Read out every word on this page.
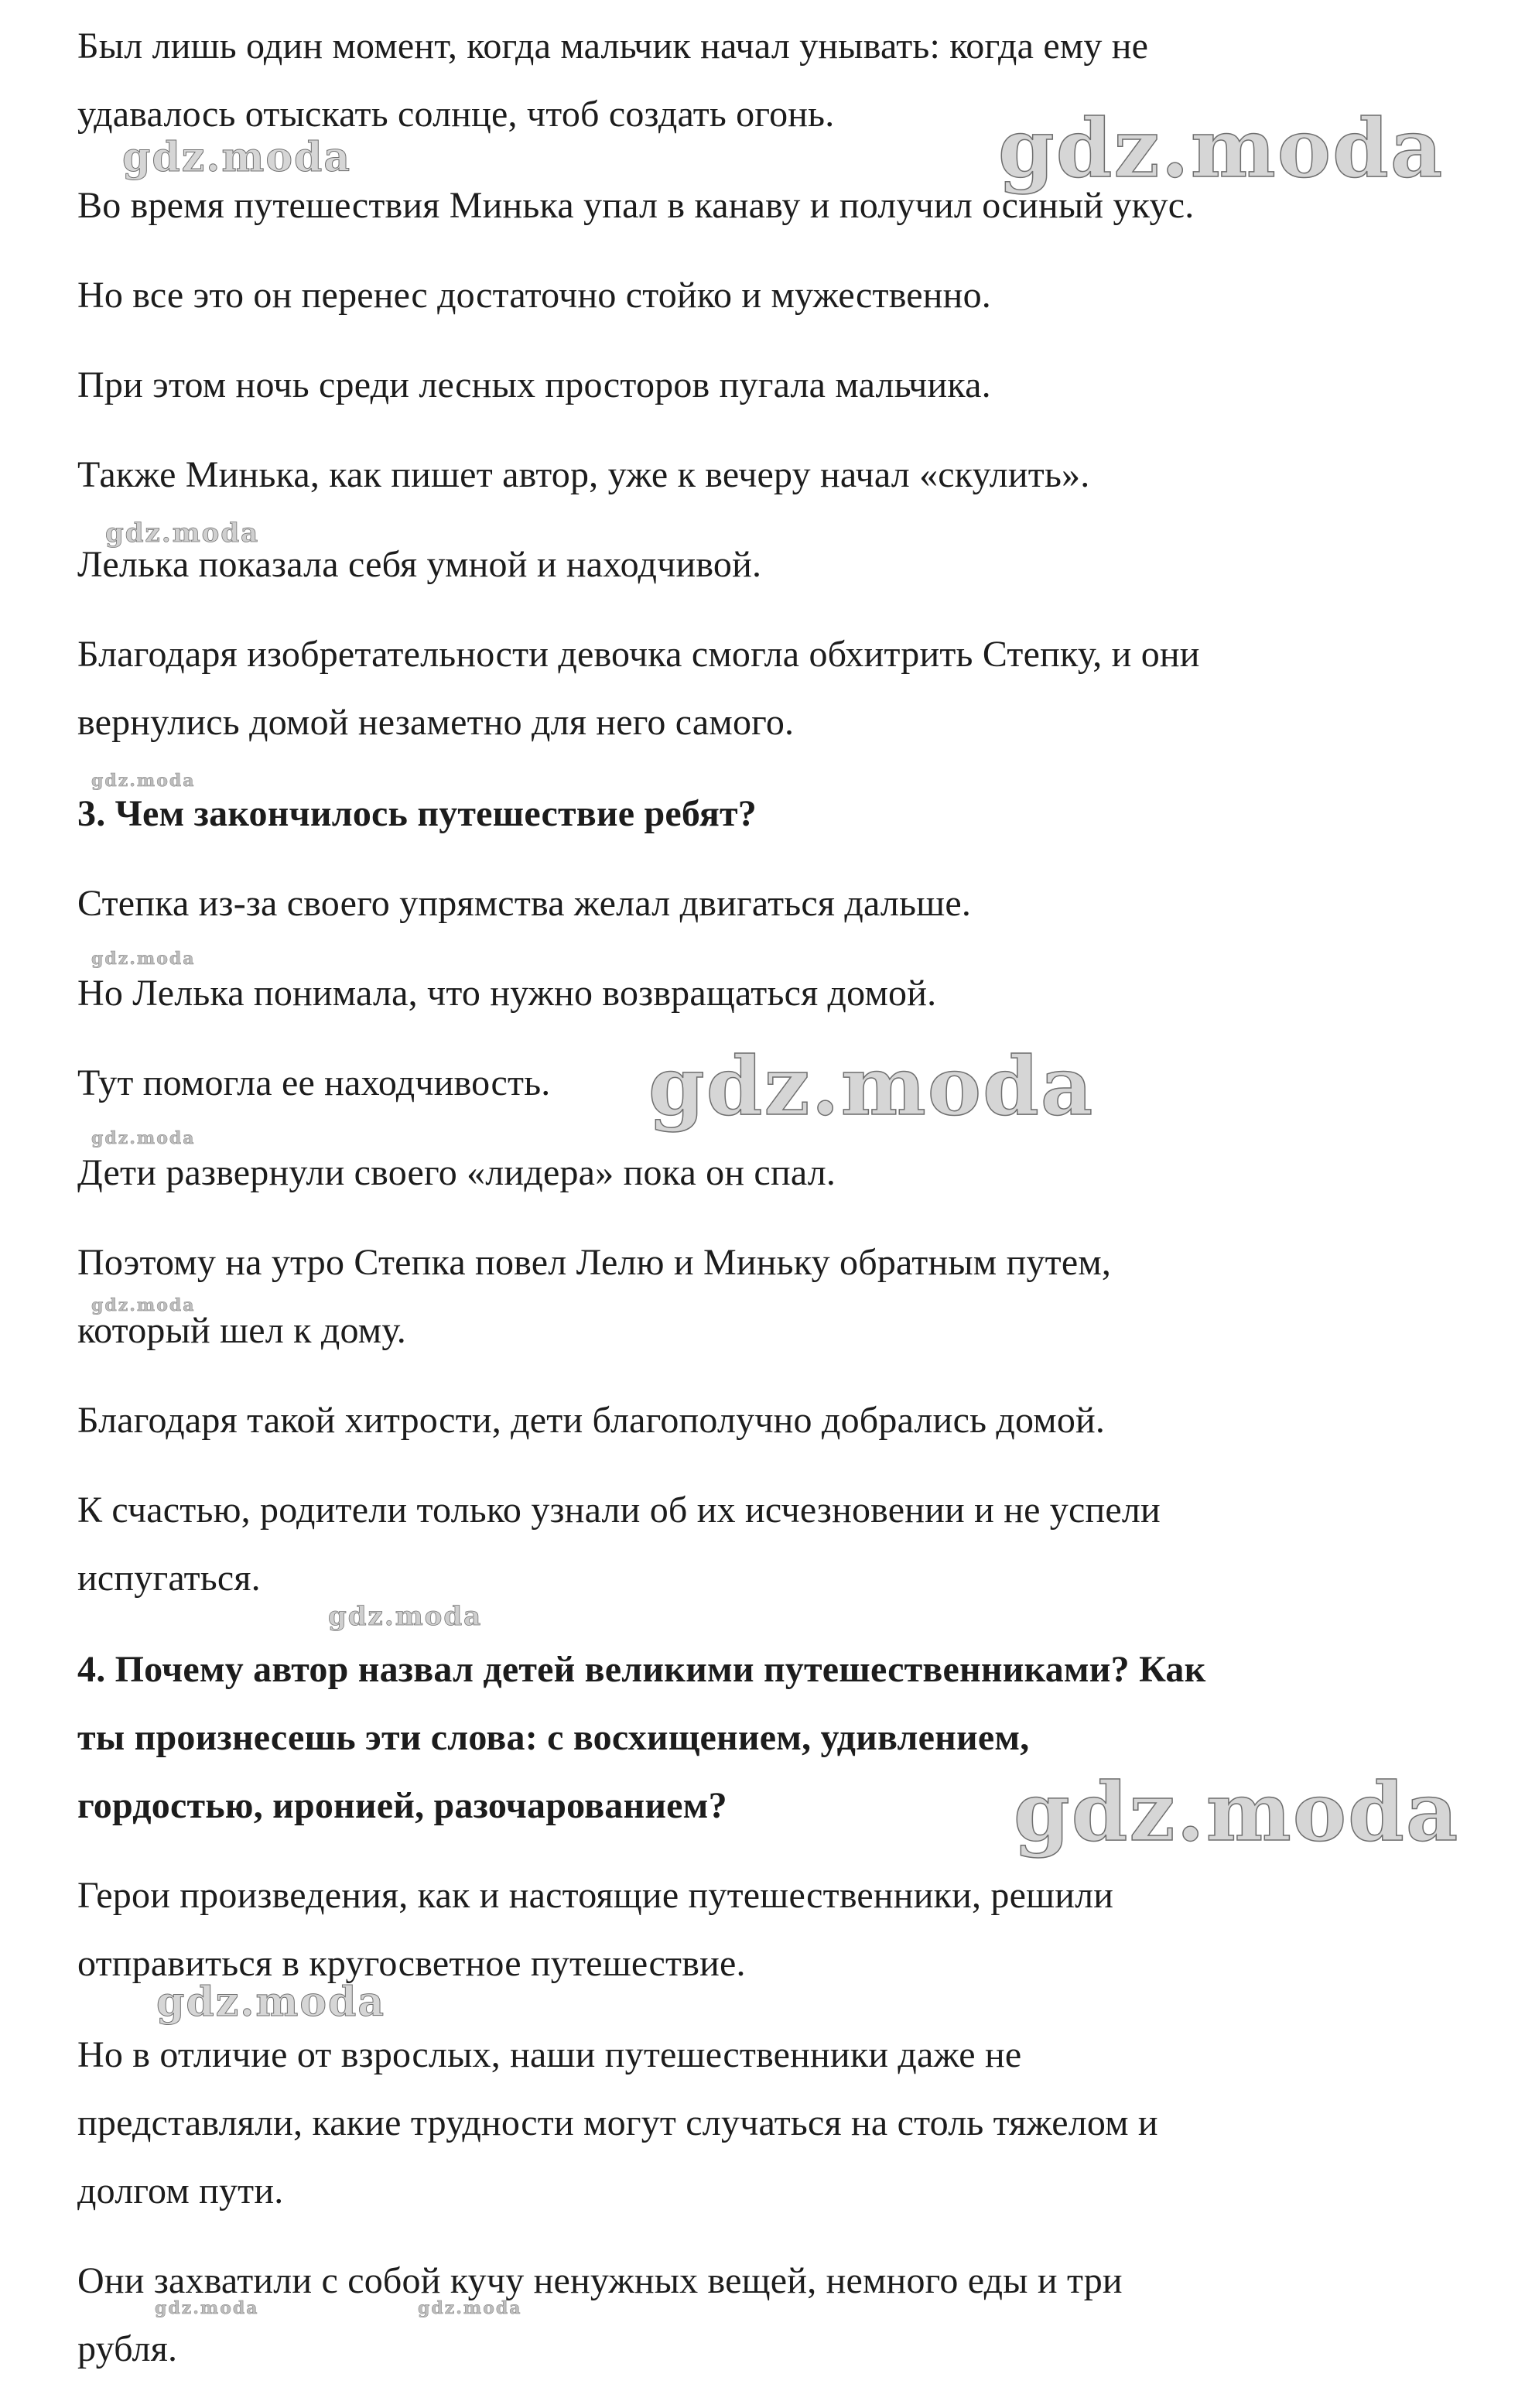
Был лишь один момент, когда мальчик начал унывать: когда ему не
удавалось отыскать солнце, чтоб создать огонь.
Во время путешествия Минька упал в канаву и получил осиный укус.
Но все это он перенес достаточно стойко и мужественно.
При этом ночь среди лесных просторов пугала мальчика.
Также Минька, как пишет автор, уже к вечеру начал «скулить».
Лелька показала себя умной и находчивой.
Благодаря изобретательности девочка смогла обхитрить Степку, и они
вернулись домой незаметно для него самого.
3. Чем закончилось путешествие ребят?
Степка из-за своего упрямства желал двигаться дальше.
Но Лелька понимала, что нужно возвращаться домой.
Тут помогла ее находчивость.
Дети развернули своего «лидера» пока он спал.
Поэтому на утро Степка повел Лелю и Миньку обратным путем,
который шел к дому.
Благодаря такой хитрости, дети благополучно добрались домой.
К счастью, родители только узнали об их исчезновении и не успели
испугаться.
4. Почему автор назвал детей великими путешественниками? Как
ты произнесешь эти слова: с восхищением, удивлением,
гордостью, иронией, разочарованием?
Герои произведения, как и настоящие путешественники, решили
отправиться в кругосветное путешествие.
Но в отличие от взрослых, наши путешественники даже не
представляли, какие трудности могут случаться на столь тяжелом и
долгом пути.
Они захватили с собой кучу ненужных вещей, немного еды и три
рубля.
gdz.moda
gdz.moda
gdz.moda
gdz.moda
gdz.moda
gdz.moda
gdz.moda
gdz.moda
gdz.moda
gdz.moda
gdz.moda
gdz.moda	gdz.moda
